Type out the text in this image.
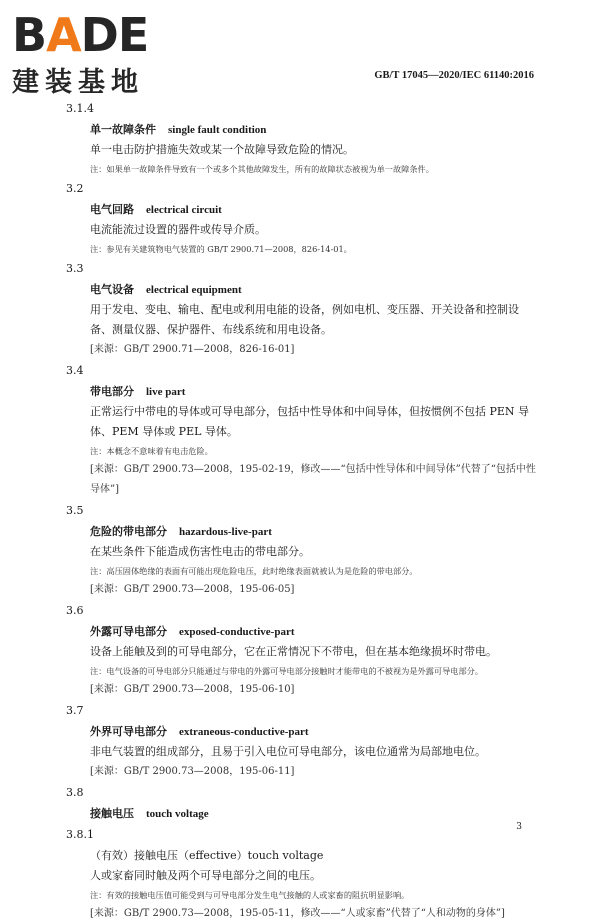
B A D E
建装基地	GB/T 17045—2020/IEC 61140:2016
3.1.4
单一故障条件 single fault condition
单一电击防护措施失效或某一个故障导致危险的情况。
注：如果单一故障条件导致有一个或多个其他故障发生，所有的故障状态被视为单一故障条件。
3.2
电气回路 electrical circuit
电流能流过设置的器件或传导介质。
注：参见有关建筑物电气装置的 GB/T 2900.71—2008，826-14-01。
3.3
电气设备 electrical equipment
用于发电、变电、输电、配电或利用电能的设备，例如电机、变压器、开关设备和控制设备、测量仪器、保护器件、布线系统和用电设备。
[来源：GB/T 2900.71—2008，826-16-01]
3.4
带电部分 live part
正常运行中带电的导体或可导电部分，包括中性导体和中间导体，但按惯例不包括 PEN 导体、PEM 导体或 PEL 导体。
注：本概念不意味着有电击危险。
[来源：GB/T 2900.73—2008，195-02-19，修改——“包括中性导体和中间导体”代替了“包括中性导体”]
3.5
危险的带电部分 hazardous-live-part
在某些条件下能造成伤害性电击的带电部分。
注：高压固体绝缘的表面有可能出现危险电压，此时绝缘表面就被认为是危险的带电部分。
[来源：GB/T 2900.73—2008，195-06-05]
3.6
外露可导电部分 exposed-conductive-part
设备上能触及到的可导电部分，它在正常情况下不带电，但在基本绝缘损坏时带电。
注：电气设备的可导电部分只能通过与带电的外露可导电部分接触时才能带电的不被视为是外露可导电部分。
[来源：GB/T 2900.73—2008，195-06-10]
3.7
外界可导电部分 extraneous-conductive-part
非电气装置的组成部分，且易于引入电位可导电部分，该电位通常为局部地电位。
[来源：GB/T 2900.73—2008，195-06-11]
3.8
接触电压 touch voltage
3.8.1
（有效）接触电压（effective）touch voltage
人或家畜同时触及两个可导电部分之间的电压。
注：有效的接触电压值可能受到与可导电部分发生电气接触的人或家畜的阻抗明显影响。
[来源：GB/T 2900.73—2008，195-05-11，修改——“人或家畜”代替了“人和动物的身体”]
3
